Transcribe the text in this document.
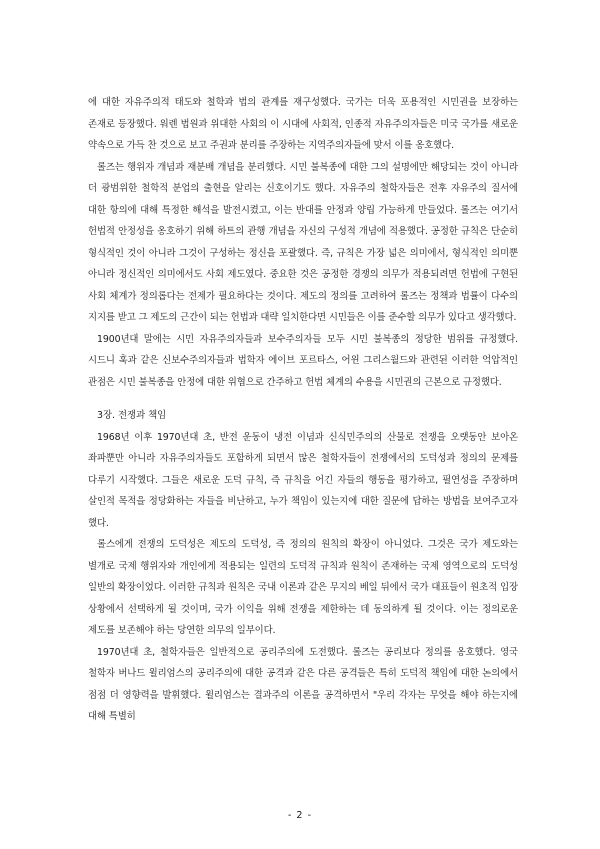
에 대한 자유주의적 태도와 철학과 법의 관계를 재구성했다. 국가는 더욱 포용적인 시민권을 보장하는 존재로 등장했다. 워렌 법원과 위대한 사회의 이 시대에 사회적, 인종적 자유주의자들은 미국 국가를 새로운 약속으로 가득 찬 것으로 보고 주권과 분리를 주장하는 지역주의자들에 맞서 이를 옹호했다.

롤즈는 행위자 개념과 재분배 개념을 분리했다. 시민 불복종에 대한 그의 설명에만 해당되는 것이 아니라 더 광범위한 철학적 분업의 출현을 알리는 신호이기도 했다. 자유주의 철학자들은 전후 자유주의 질서에 대한 항의에 대해 특정한 해석을 발전시켰고, 이는 반대를 안정과 양립 가능하게 만들었다. 롤즈는 여기서 헌법적 안정성을 옹호하기 위해 하트의 관행 개념을 자신의 구성적 개념에 적용했다. 공정한 규칙은 단순히 형식적인 것이 아니라 그것이 구성하는 정신을 포괄했다. 즉, 규칙은 가장 넓은 의미에서, 형식적인 의미뿐 아니라 정신적인 의미에서도 사회 제도였다. 중요한 것은 공정한 경쟁의 의무가 적용되려면 헌법에 구현된 사회 체계가 정의롭다는 전제가 필요하다는 것이다. 제도의 정의를 고려하여 롤즈는 정책과 법률이 다수의 지지를 받고 그 제도의 근간이 되는 헌법과 대략 일치한다면 시민들은 이를 준수할 의무가 있다고 생각했다.

1900년대 말에는 시민 자유주의자들과 보수주의자들 모두 시민 불복종의 정당한 범위를 규정했다. 시드니 훅과 같은 신보수주의자들과 법학자 에이브 포르타스, 어윈 그리스월드와 관련된 이러한 억압적인 관점은 시민 불복종을 안정에 대한 위협으로 간주하고 헌법 체계의 수용을 시민권의 근본으로 규정했다.

3장. 전쟁과 책임

1968년 이후 1970년대 초, 반전 운동이 냉전 이념과 신식민주의의 산물로 전쟁을 오랫동안 보아온 좌파뿐만 아니라 자유주의자들도 포함하게 되면서 많은 철학자들이 전쟁에서의 도덕성과 정의의 문제를 다루기 시작했다. 그들은 새로운 도덕 규칙, 즉 규칙을 어긴 자들의 행동을 평가하고, 필연성을 주장하며 살인적 목적을 정당화하는 자들을 비난하고, 누가 책임이 있는지에 대한 질문에 답하는 방법을 보여주고자 했다.

롤스에게 전쟁의 도덕성은 제도의 도덕성, 즉 정의의 원칙의 확장이 아니었다. 그것은 국가 제도와는 별개로 국제 행위자와 개인에게 적용되는 일련의 도덕적 규칙과 원칙이 존재하는 국제 영역으로의 도덕성 일반의 확장이었다. 이러한 규칙과 원칙은 국내 이론과 같은 무지의 베일 뒤에서 국가 대표들이 원초적 입장 상황에서 선택하게 될 것이며, 국가 이익을 위해 전쟁을 제한하는 데 동의하게 될 것이다. 이는 정의로운 제도를 보존해야 하는 당연한 의무의 일부이다.

1970년대 초, 철학자들은 일반적으로 공리주의에 도전했다. 롤즈는 공리보다 정의를 옹호했다. 영국 철학자 버나드 윌리엄스의 공리주의에 대한 공격과 같은 다른 공격들은 특히 도덕적 책임에 대한 논의에서 점점 더 영향력을 발휘했다. 윌리엄스는 결과주의 이론을 공격하면서 "우리 각자는 무엇을 해야 하는지에 대해 특별히

- 2 -
